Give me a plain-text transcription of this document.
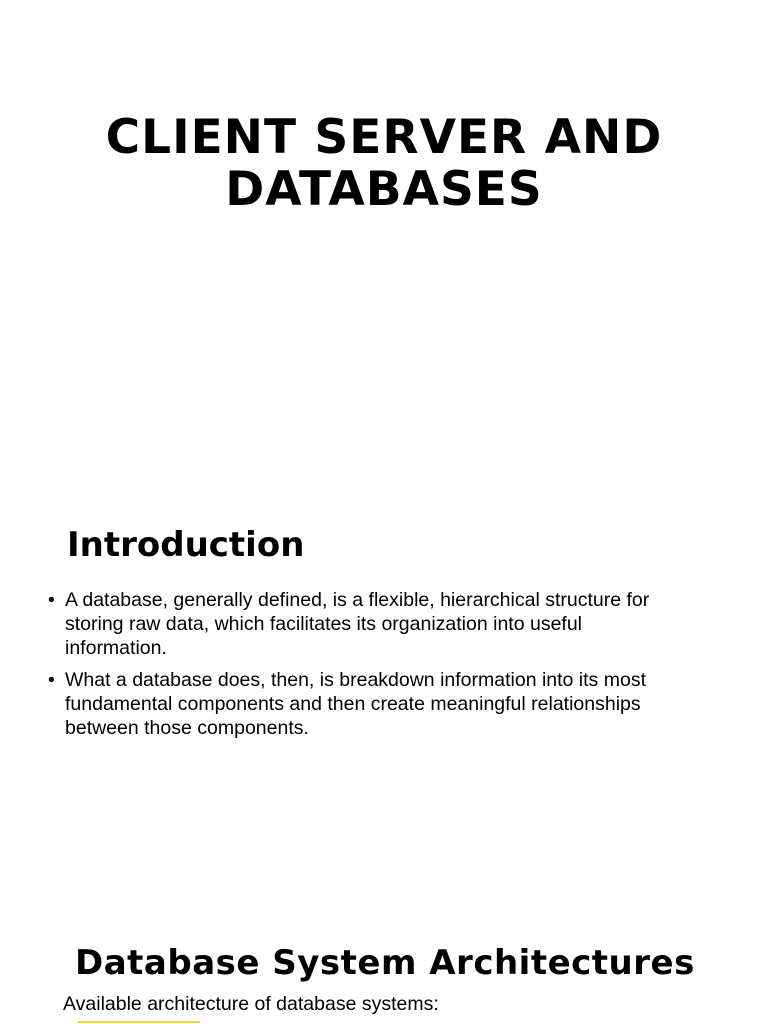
CLIENT SERVER AND
DATABASES
Introduction
• A database, generally defined, is a flexible, hierarchical structure for
storing raw data, which facilitates its organization into useful
information.
• What a database does, then, is breakdown information into its most
fundamental components and then create meaningful relationships
between those components.
Database System Architectures

Available architecture of database systems:
